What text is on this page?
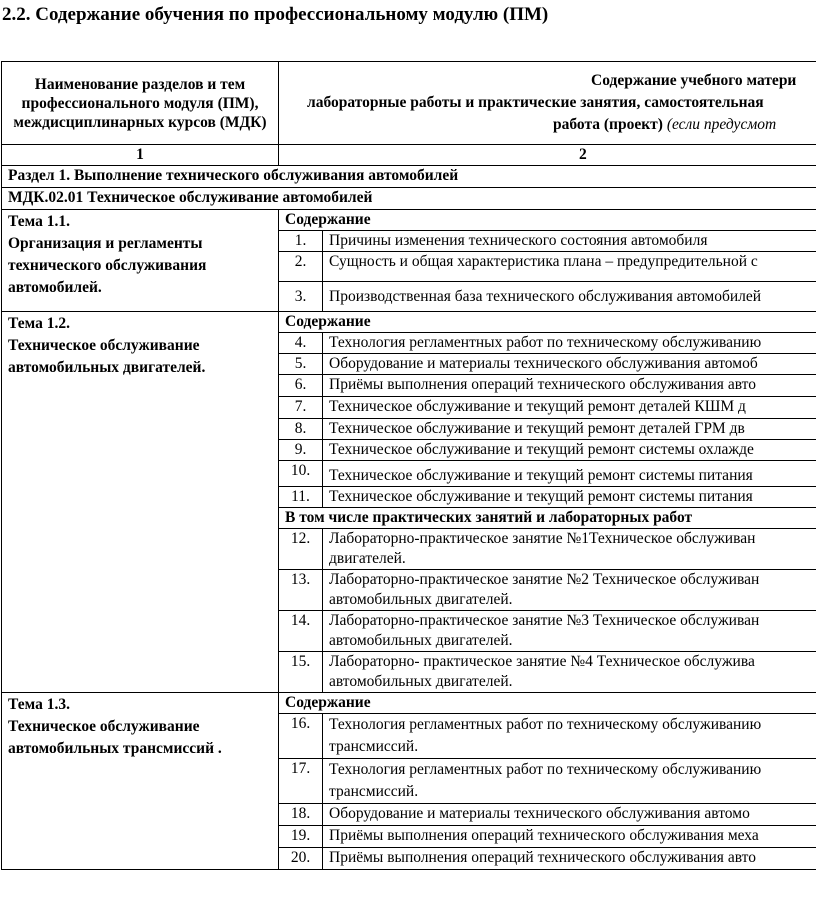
2.2. Содержание обучения по профессиональному модулю (ПМ)
Наименование разделов и тем профессионального модуля (ПМ), междисциплинарных курсов (МДК)	Содержание учебного матери
лабораторные работы и практические занятия, самостоятельная
работа (проект) (если предусмот	

1	2	
Раздел 1. Выполнение технического обслуживания автомобилей		
МДК.02.01 Техническое обслуживание автомобилей		

Тема 1.1.
Организация и регламенты технического обслуживания автомобилей.	Содержание	
	1.	Причины изменения технического состояния автомобиля
	2.	Сущность и общая характеристика плана – предупредительной с
	3.	Производственная база технического обслуживания автомобилей

Тема 1.2.
Техническое обслуживание автомобильных двигателей.	Содержание	
	4.	Технология регламентных работ по техническому обслуживанию
	5.	Оборудование и материалы технического обслуживания автомоб
	6.	Приёмы выполнения операций технического обслуживания авто
	7.	Техническое обслуживание и текущий ремонт деталей КШМ д
	8.	Техническое обслуживание и текущий ремонт деталей ГРМ дв
	9.	Техническое обслуживание и текущий ремонт системы охлажде
	10.	Техническое обслуживание и текущий ремонт системы питания
	11.	Техническое обслуживание и текущий ремонт системы питания
	В том числе практических занятий и лабораторных работ	
	12.	Лабораторно-практическое занятие №1Техническое обслуживан
двигателей.

	13.	Лабораторно-практическое занятие №2 Техническое обслуживан
автомобильных двигателей.

	14.	Лабораторно-практическое занятие №3 Техническое обслуживан
автомобильных двигателей.

	15.	Лабораторно- практическое занятие №4 Техническое обслужива
автомобильных двигателей.

Тема 1.3.
Техническое обслуживание автомобильных трансмиссий .	Содержание	
	16.	Технология регламентных работ по техническому обслуживанию
трансмиссий.

	17.	Технология регламентных работ по техническому обслуживанию
трансмиссий.

	18.	Оборудование и материалы технического обслуживания автомо
	19.	Приёмы выполнения операций технического обслуживания меха
	20.	Приёмы выполнения операций технического обслуживания авто
